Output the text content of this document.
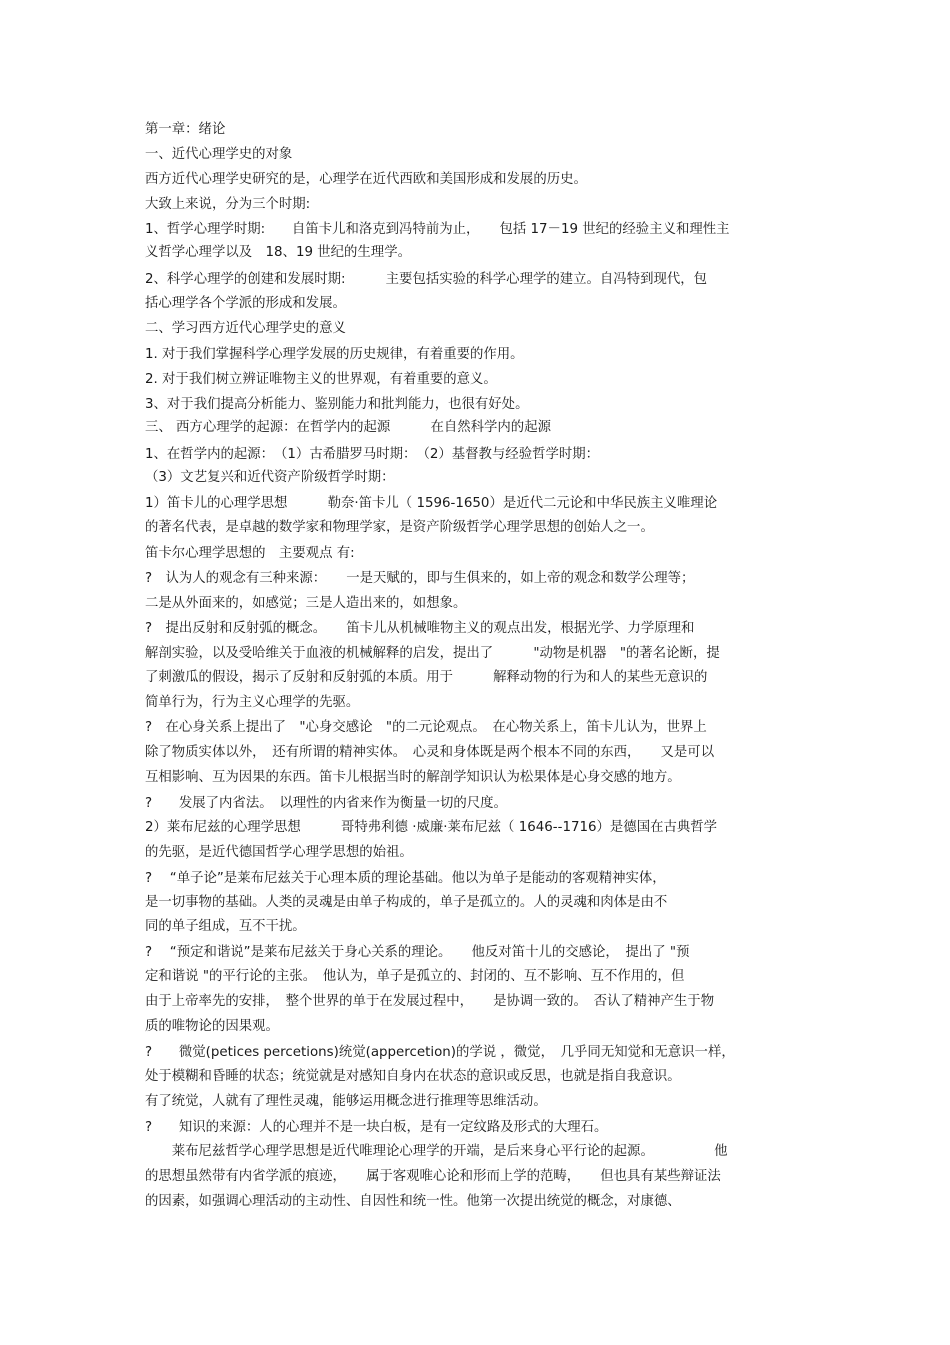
第一章：绪论
一、近代心理学史的对象
西方近代心理学史研究的是，心理学在近代西欧和美国形成和发展的历史。
大致上来说，分为三个时期:
1、哲学心理学时期:　　自笛卡儿和洛克到冯特前为止，　　包括 17－19 世纪的经验主义和理性主
义哲学心理学以及　18、19 世纪的生理学。
2、科学心理学的创建和发展时期:　　　主要包括实验的科学心理学的建立。自冯特到现代，包
括心理学各个学派的形成和发展。
二、学习西方近代心理学史的意义
1. 对于我们掌握科学心理学发展的历史规律，有着重要的作用。
2. 对于我们树立辨证唯物主义的世界观，有着重要的意义。
3、对于我们提高分析能力、鉴别能力和批判能力，也很有好处。
三、 西方心理学的起源：在哲学内的起源　　　在自然科学内的起源
1、在哲学内的起源：　（1）古希腊罗马时期：　（2）基督教与经验哲学时期：
（3）文艺复兴和近代资产阶级哲学时期：
1）笛卡儿的心理学思想　　　勒奈·笛卡儿（ 1596-1650）是近代二元论和中华民族主义唯理论
的著名代表，是卓越的数学家和物理学家，是资产阶级哲学心理学思想的创始人之一。
笛卡尔心理学思想的　主要观点 有:
?　认为人的观念有三种来源：　　一是天赋的，即与生俱来的，如上帝的观念和数学公理等；
二是从外面来的，如感觉；三是人造出来的，如想象。
?　提出反射和反射弧的概念。　　笛卡儿从机械唯物主义的观点出发，根据光学、力学原理和
解剖实验，以及受哈维关于血液的机械解释的启发，提出了　　　"动物是机器　"的著名论断，提
了刺激瓜的假设，揭示了反射和反射弧的本质。用于　　　解释动物的行为和人的某些无意识的
简单行为，行为主义心理学的先驱。
?　在心身关系上提出了　"心身交感论　"的二元论观点。　在心物关系上，笛卡儿认为，世界上
除了物质实体以外，　还有所谓的精神实体。　心灵和身体既是两个根本不同的东西，　　又是可以
互相影响、互为因果的东西。笛卡儿根据当时的解剖学知识认为松果体是心身交感的地方。
?　　发展了内省法。　以理性的内省来作为衡量一切的尺度。
2）莱布尼兹的心理学思想　　　哥特弗利德 ·威廉·莱布尼兹（ 1646--1716）是德国在古典哲学
的先驱，是近代德国哲学心理学思想的始祖。
?　 “单子论”是莱布尼兹关于心理本质的理论基础。他以为单子是能动的客观精神实体，
是一切事物的基础。人类的灵魂是由单子构成的，单子是孤立的。人的灵魂和肉体是由不
同的单子组成，互不干扰。
?　 “预定和谐说”是莱布尼兹关于身心关系的理论。　　他反对笛十儿的交感论，　提出了 "预
定和谐说 "的平行论的主张。　他认为，单子是孤立的、封闭的、互不影响、互不作用的，但
由于上帝率先的安排，　整个世界的单于在发展过程中，　　是协调一致的。　否认了精神产生于物
质的唯物论的因果观。
?　　微觉(petices percetions)统觉(appercetion)的学说 ，微觉，　几乎同无知觉和无意识一样，
处于模糊和昏睡的状态；统觉就是对感知自身内在状态的意识或反思，也就是指自我意识。
有了统觉，人就有了理性灵魂，能够运用概念进行推理等思维活动。
?　　知识的来源：人的心理并不是一块白板，是有一定纹路及形式的大理石。
　　莱布尼兹哲学心理学思想是近代唯理论心理学的开端，是后来身心平行论的起源。　　　　　他
的思想虽然带有内省学派的痕迹，　　属于客观唯心论和形而上学的范畴，　　但也具有某些辩证法
的因素，如强调心理活动的主动性、自因性和统一性。他第一次提出统觉的概念，对康德、
